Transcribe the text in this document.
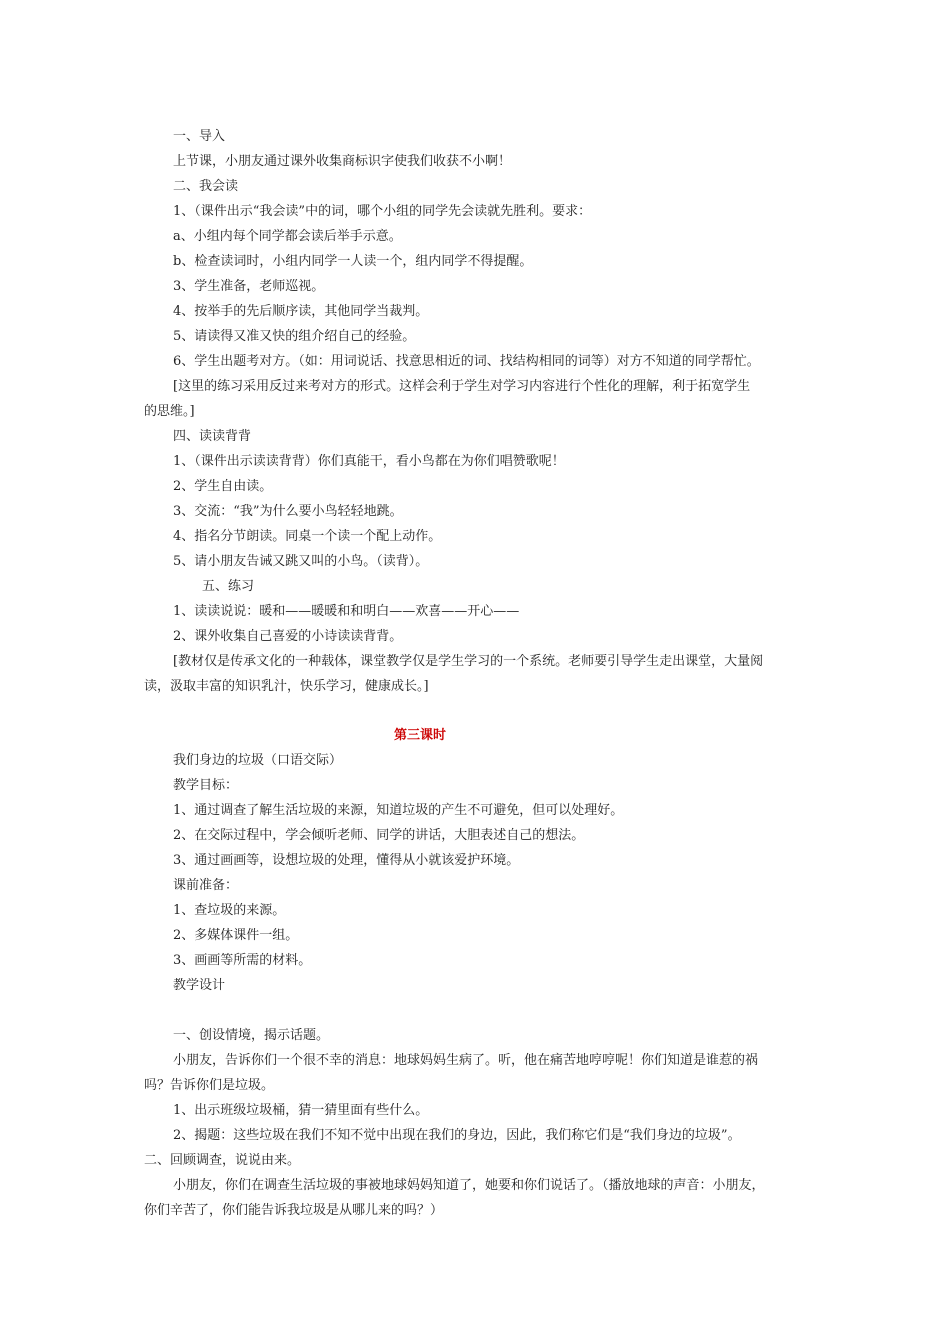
一、导入
上节课，小朋友通过课外收集商标识字使我们收获不小啊！
二、我会读
1、（课件出示“我会读”中的词，哪个小组的同学先会读就先胜利。要求：
a、小组内每个同学都会读后举手示意。
b、检查读词时，小组内同学一人读一个，组内同学不得提醒。
3、学生准备，老师巡视。
4、按举手的先后顺序读，其他同学当裁判。
5、请读得又准又快的组介绍自己的经验。
6、学生出题考对方。（如：用词说话、找意思相近的词、找结构相同的词等）对方不知道的同学帮忙。
[这里的练习采用反过来考对方的形式。这样会利于学生对学习内容进行个性化的理解，利于拓宽学生
的思维。]
四、读读背背
1、（课件出示读读背背）你们真能干，看小鸟都在为你们唱赞歌呢！
2、学生自由读。
3、交流：“我”为什么要小鸟轻轻地跳。
4、指名分节朗读。同桌一个读一个配上动作。
5、请小朋友告诫又跳又叫的小鸟。（读背）。
五、练习
1、读读说说：暖和——暖暖和和明白——欢喜——开心——
2、课外收集自己喜爱的小诗读读背背。
[教材仅是传承文化的一种载体，课堂教学仅是学生学习的一个系统。老师要引导学生走出课堂，大量阅
读，汲取丰富的知识乳汁，快乐学习，健康成长。]
第三课时
我们身边的垃圾（口语交际）
教学目标：
1、通过调查了解生活垃圾的来源，知道垃圾的产生不可避免，但可以处理好。
2、在交际过程中，学会倾听老师、同学的讲话，大胆表述自己的想法。
3、通过画画等，设想垃圾的处理，懂得从小就该爱护环境。
课前准备：
1、查垃圾的来源。
2、多媒体课件一组。
3、画画等所需的材料。
教学设计
一、创设情境，揭示话题。
小朋友，告诉你们一个很不幸的消息：地球妈妈生病了。听，他在痛苦地哼哼呢！你们知道是谁惹的祸
吗？告诉你们是垃圾。
1、出示班级垃圾桶，猜一猜里面有些什么。
2、揭题：这些垃圾在我们不知不觉中出现在我们的身边，因此，我们称它们是“我们身边的垃圾”。
二、回顾调查，说说由来。
小朋友，你们在调查生活垃圾的事被地球妈妈知道了，她要和你们说话了。（播放地球的声音：小朋友，
你们辛苦了，你们能告诉我垃圾是从哪儿来的吗？）
